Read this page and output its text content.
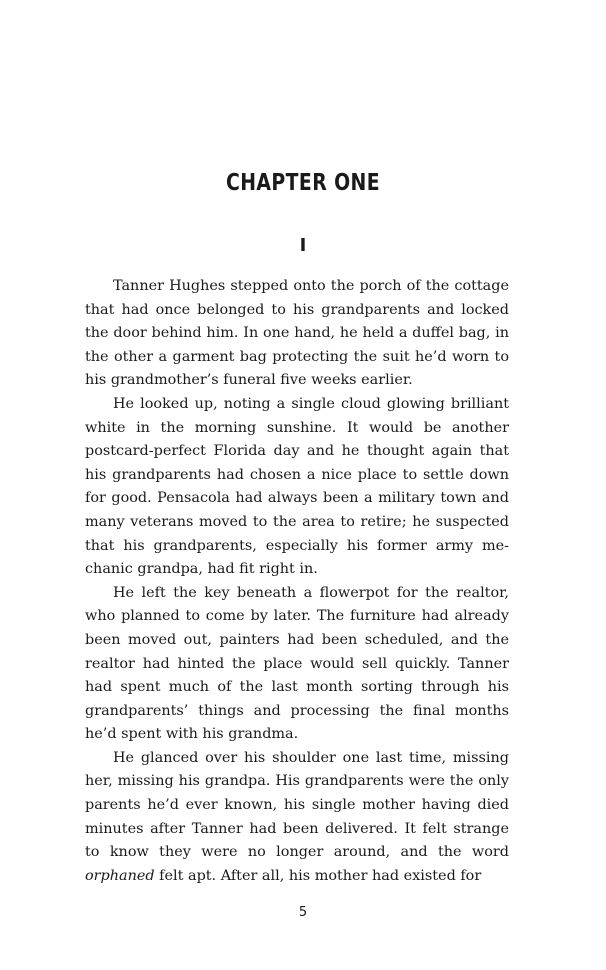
CHAPTER ONE
I

Tanner Hughes stepped onto the porch of the cottage that had once belonged to his grandparents and locked the door behind him. In one hand, he held a duffel bag, in the other a garment bag protecting the suit he’d worn to his grandmother’s funeral five weeks earlier.

He looked up, noting a single cloud glowing brilliant white in the morning sunshine. It would be another postcard-perfect Florida day and he thought again that his grandparents had chosen a nice place to settle down for good. Pensacola had always been a military town and many veterans moved to the area to retire; he suspected that his grandparents, especially his former army mechanic grandpa, had fit right in.

He left the key beneath a flowerpot for the realtor, who planned to come by later. The furniture had already been moved out, painters had been scheduled, and the realtor had hinted the place would sell quickly. Tanner had spent much of the last month sorting through his grandparents’ things and processing the final months he’d spent with his grandma.

He glanced over his shoulder one last time, missing her, missing his grandpa. His grandparents were the only parents he’d ever known, his single mother having died minutes after Tanner had been delivered. It felt strange to know they were no longer around, and the word orphaned felt apt. After all, his mother had existed for

5
